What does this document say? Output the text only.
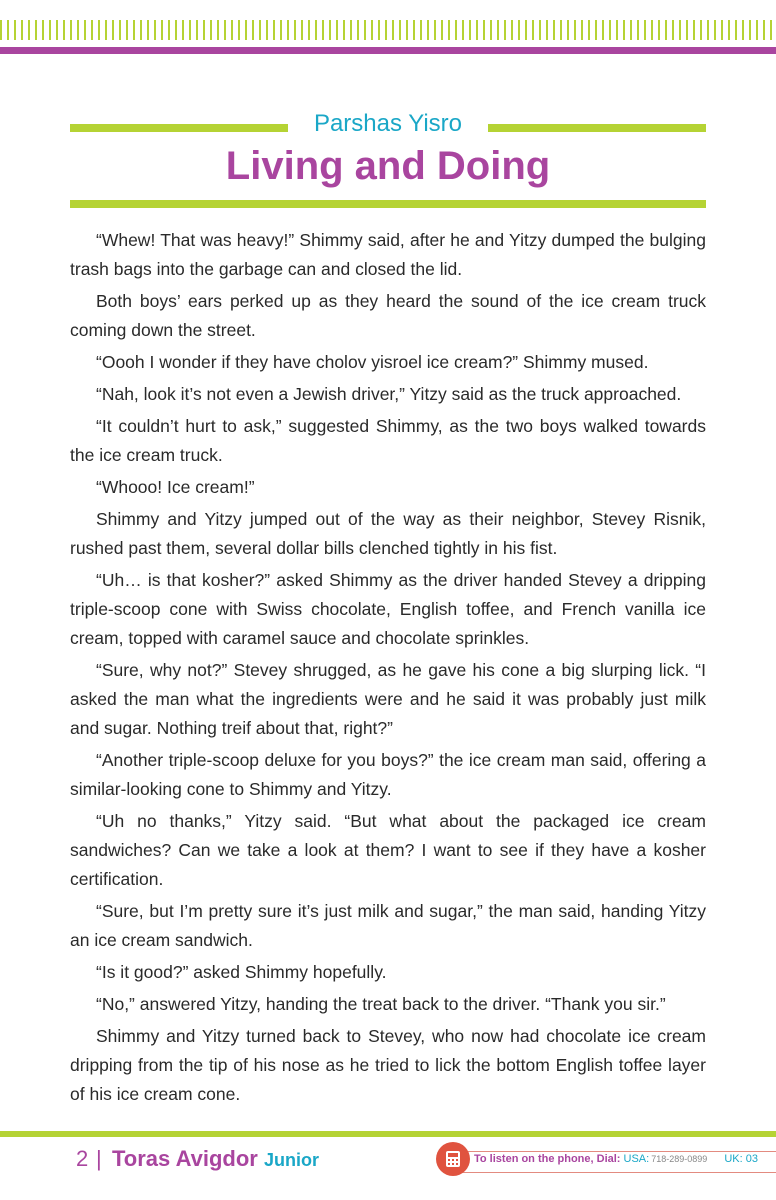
Parshas Yisro
Living and Doing

“Whew! That was heavy!” Shimmy said, after he and Yitzy dumped the bulging trash bags into the garbage can and closed the lid.

Both boys’ ears perked up as they heard the sound of the ice cream truck coming down the street.

“Oooh I wonder if they have cholov yisroel ice cream?” Shimmy mused.

“Nah, look it’s not even a Jewish driver,” Yitzy said as the truck approached.

“It couldn’t hurt to ask,” suggested Shimmy, as the two boys walked towards the ice cream truck.

“Whooo! Ice cream!”

Shimmy and Yitzy jumped out of the way as their neighbor, Stevey Risnik, rushed past them, several dollar bills clenched tightly in his fist.

“Uh… is that kosher?” asked Shimmy as the driver handed Stevey a dripping triple-scoop cone with Swiss chocolate, English toffee, and French vanilla ice cream, topped with caramel sauce and chocolate sprinkles.

“Sure, why not?” Stevey shrugged, as he gave his cone a big slurping lick. “I asked the man what the ingredients were and he said it was probably just milk and sugar. Nothing treif about that, right?”

“Another triple-scoop deluxe for you boys?” the ice cream man said, offering a similar-looking cone to Shimmy and Yitzy.

“Uh no thanks,” Yitzy said. “But what about the packaged ice cream sandwiches? Can we take a look at them? I want to see if they have a kosher certification.

“Sure, but I’m pretty sure it’s just milk and sugar,” the man said, handing Yitzy an ice cream sandwich.

“Is it good?” asked Shimmy hopefully.

“No,” answered Yitzy, handing the treat back to the driver. “Thank you sir.”

Shimmy and Yitzy turned back to Stevey, who now had chocolate ice cream dripping from the tip of his nose as he tried to lick the bottom English toffee layer of his ice cream cone.

2 | Toras Avigdor Junior	To listen on the phone, Dial: USA: 718-289-0899 UK: 03
